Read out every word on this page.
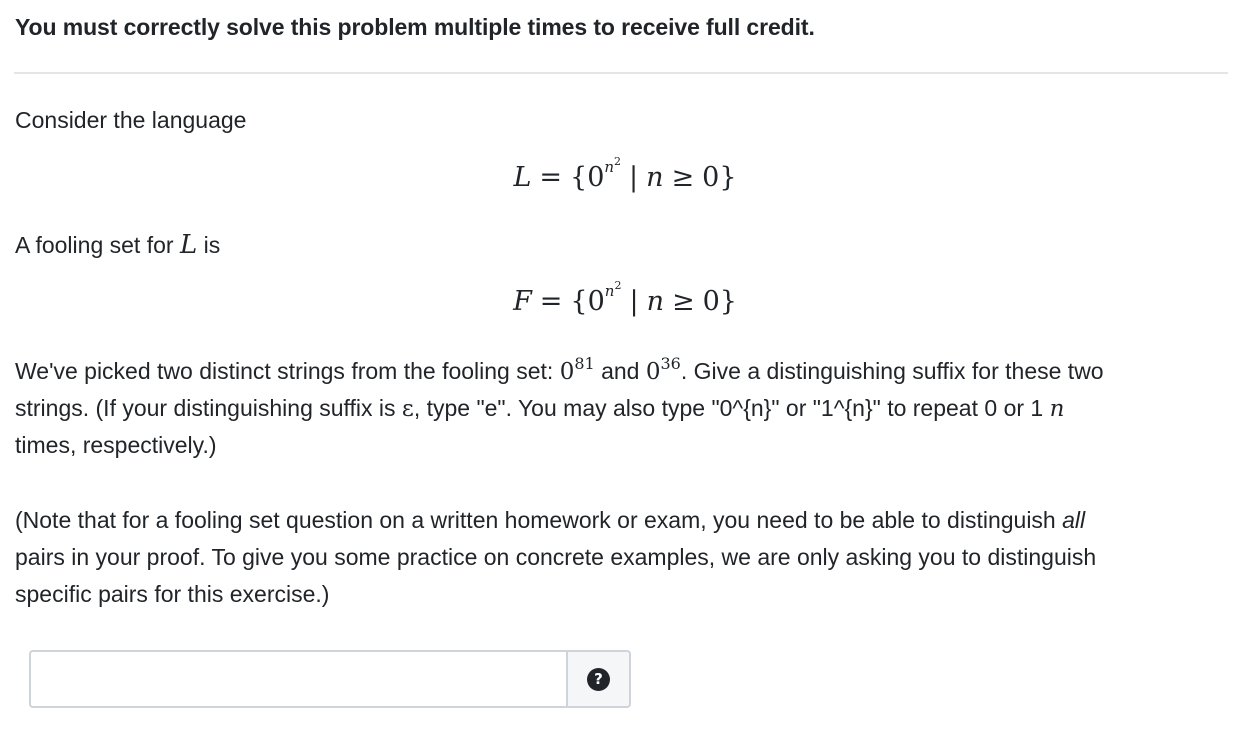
You must correctly solve this problem multiple times to receive full credit.
Consider the language
$L = \{0^{n2}|$ n ≥ 0}
A fooling set for L is
$F = \{0^{n2}|$ n ≥ 0}
We've picked two distinct strings from the fooling set: $0^{81}$ and $0^{36}$. Give a distinguishing suffix for these two
strings. (If your distinguishing suffix is ε, type "e". You may also type "0^{n}" or "1^{n}" to repeat 0 or 1 n
times, respectively.)
(Note that for a fooling set question on a written homework or exam, you need to be able to distinguish all
pairs in your proof. To give you some practice on concrete examples, we are only asking you to distinguish
specific pairs for this exercise.)
?
